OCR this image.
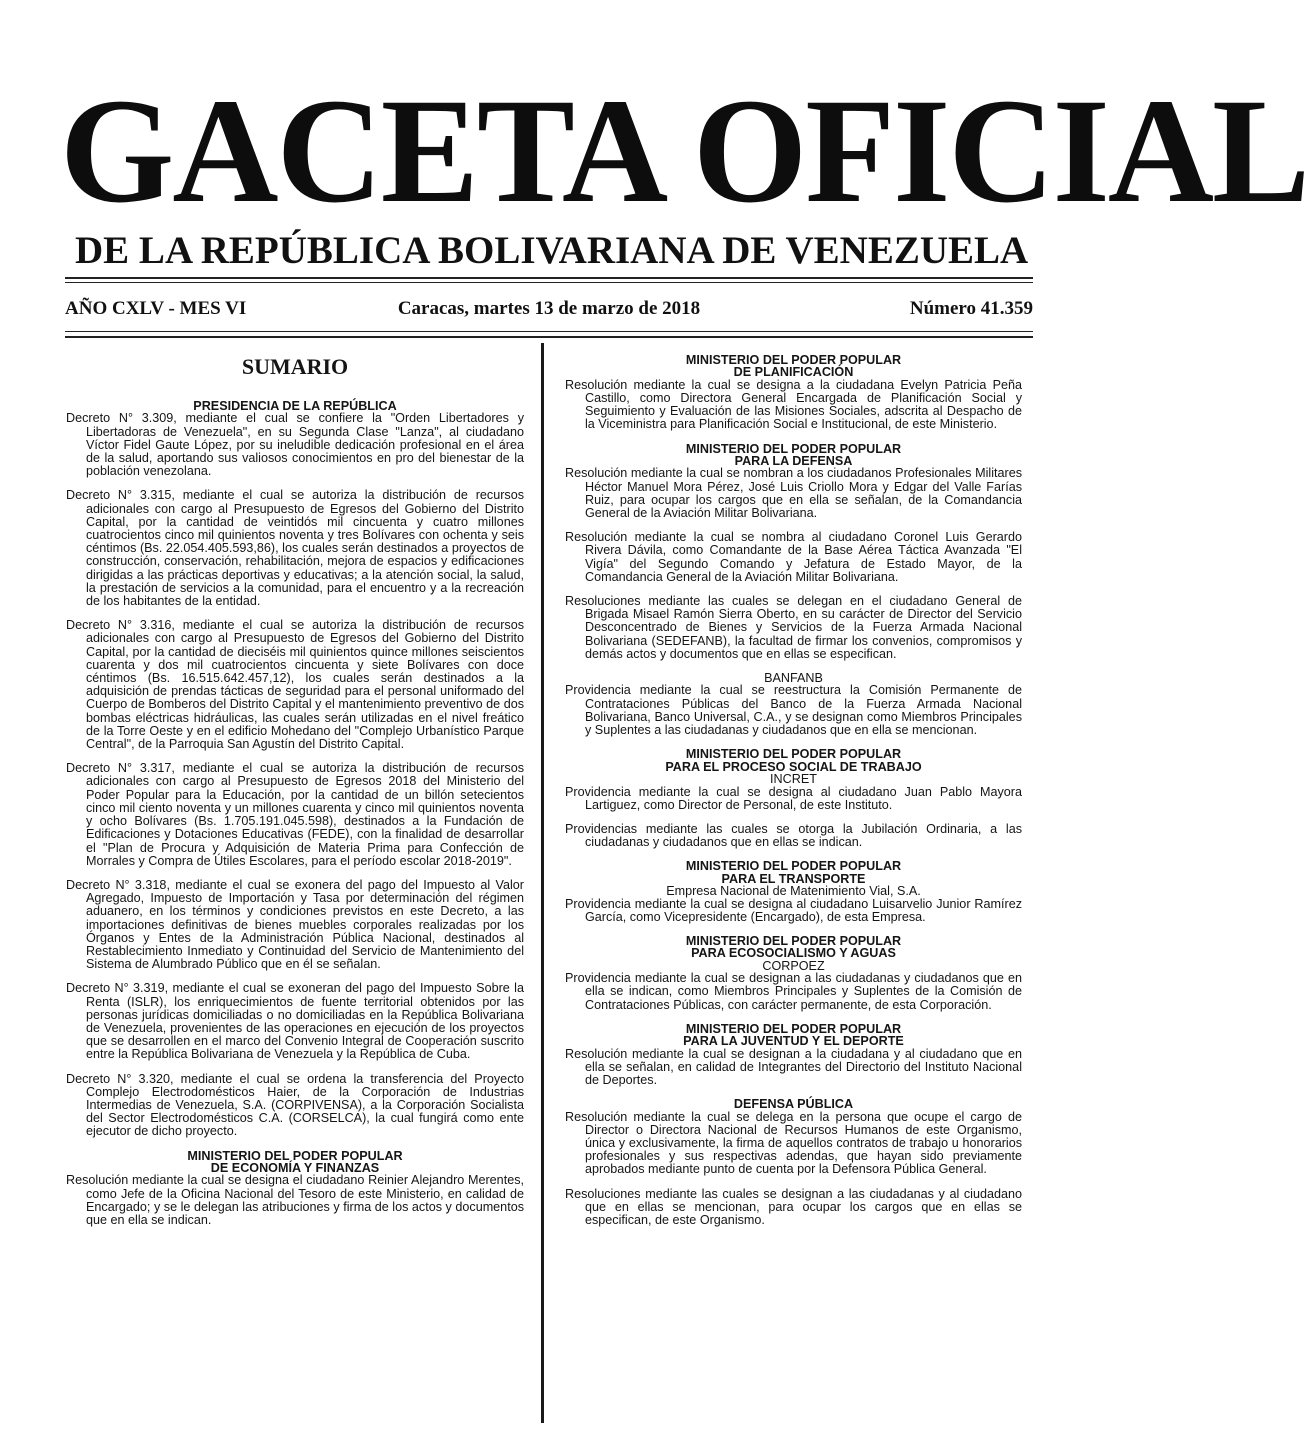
GACETA OFICIAL
DE LA REPÚBLICA BOLIVARIANA DE VENEZUELA
AÑO CXLV - MES VI	Caracas, martes 13 de marzo de 2018	Número 41.359
SUMARIO

PRESIDENCIA DE LA REPÚBLICA

Decreto N° 3.309, mediante el cual se confiere la "Orden Libertadores y Libertadoras de Venezuela", en su Segunda Clase "Lanza", al ciudadano Víctor Fidel Gaute López, por su ineludible dedicación profesional en el área de la salud, aportando sus valiosos conocimientos en pro del bienestar de la población venezolana.

Decreto N° 3.315, mediante el cual se autoriza la distribución de recursos adicionales con cargo al Presupuesto de Egresos del Gobierno del Distrito Capital, por la cantidad de veintidós mil cincuenta y cuatro millones cuatrocientos cinco mil quinientos noventa y tres Bolívares con ochenta y seis céntimos (Bs. 22.054.405.593,86), los cuales serán destinados a proyectos de construcción, conservación, rehabilitación, mejora de espacios y edificaciones dirigidas a las prácticas deportivas y educativas; a la atención social, la salud, la prestación de servicios a la comunidad, para el encuentro y a la recreación de los habitantes de la entidad.

Decreto N° 3.316, mediante el cual se autoriza la distribución de recursos adicionales con cargo al Presupuesto de Egresos del Gobierno del Distrito Capital, por la cantidad de dieciséis mil quinientos quince millones seiscientos cuarenta y dos mil cuatrocientos cincuenta y siete Bolívares con doce céntimos (Bs. 16.515.642.457,12), los cuales serán destinados a la adquisición de prendas tácticas de seguridad para el personal uniformado del Cuerpo de Bomberos del Distrito Capital y el mantenimiento preventivo de dos bombas eléctricas hidráulicas, las cuales serán utilizadas en el nivel freático de la Torre Oeste y en el edificio Mohedano del "Complejo Urbanístico Parque Central", de la Parroquia San Agustín del Distrito Capital.

Decreto N° 3.317, mediante el cual se autoriza la distribución de recursos adicionales con cargo al Presupuesto de Egresos 2018 del Ministerio del Poder Popular para la Educación, por la cantidad de un billón setecientos cinco mil ciento noventa y un millones cuarenta y cinco mil quinientos noventa y ocho Bolívares (Bs. 1.705.191.045.598), destinados a la Fundación de Edificaciones y Dotaciones Educativas (FEDE), con la finalidad de desarrollar el "Plan de Procura y Adquisición de Materia Prima para Confección de Morrales y Compra de Útiles Escolares, para el período escolar 2018-2019".

Decreto N° 3.318, mediante el cual se exonera del pago del Impuesto al Valor Agregado, Impuesto de Importación y Tasa por determinación del régimen aduanero, en los términos y condiciones previstos en este Decreto, a las importaciones definitivas de bienes muebles corporales realizadas por los Órganos y Entes de la Administración Pública Nacional, destinados al Restablecimiento Inmediato y Continuidad del Servicio de Mantenimiento del Sistema de Alumbrado Público que en él se señalan.

Decreto N° 3.319, mediante el cual se exoneran del pago del Impuesto Sobre la Renta (ISLR), los enriquecimientos de fuente territorial obtenidos por las personas jurídicas domiciliadas o no domiciliadas en la República Bolivariana de Venezuela, provenientes de las operaciones en ejecución de los proyectos que se desarrollen en el marco del Convenio Integral de Cooperación suscrito entre la República Bolivariana de Venezuela y la República de Cuba.

Decreto N° 3.320, mediante el cual se ordena la transferencia del Proyecto Complejo Electrodomésticos Haier, de la Corporación de Industrias Intermedias de Venezuela, S.A. (CORPIVENSA), a la Corporación Socialista del Sector Electrodomésticos C.A. (CORSELCA), la cual fungirá como ente ejecutor de dicho proyecto.

MINISTERIO DEL PODER POPULAR

DE ECONOMÍA Y FINANZAS

Resolución mediante la cual se designa el ciudadano Reinier Alejandro Merentes, como Jefe de la Oficina Nacional del Tesoro de este Ministerio, en calidad de Encargado; y se le delegan las atribuciones y firma de los actos y documentos que en ella se indican.

MINISTERIO DEL PODER POPULAR

DE PLANIFICACIÓN

Resolución mediante la cual se designa a la ciudadana Evelyn Patricia Peña Castillo, como Directora General Encargada de Planificación Social y Seguimiento y Evaluación de las Misiones Sociales, adscrita al Despacho de la Viceministra para Planificación Social e Institucional, de este Ministerio.

MINISTERIO DEL PODER POPULAR

PARA LA DEFENSA

Resolución mediante la cual se nombran a los ciudadanos Profesionales Militares Héctor Manuel Mora Pérez, José Luis Criollo Mora y Edgar del Valle Farías Ruiz, para ocupar los cargos que en ella se señalan, de la Comandancia General de la Aviación Militar Bolivariana.

Resolución mediante la cual se nombra al ciudadano Coronel Luis Gerardo Rivera Dávila, como Comandante de la Base Aérea Táctica Avanzada "El Vigía" del Segundo Comando y Jefatura de Estado Mayor, de la Comandancia General de la Aviación Militar Bolivariana.

Resoluciones mediante las cuales se delegan en el ciudadano General de Brigada Misael Ramón Sierra Oberto, en su carácter de Director del Servicio Desconcentrado de Bienes y Servicios de la Fuerza Armada Nacional Bolivariana (SEDEFANB), la facultad de firmar los convenios, compromisos y demás actos y documentos que en ellas se especifican.

BANFANB

Providencia mediante la cual se reestructura la Comisión Permanente de Contrataciones Públicas del Banco de la Fuerza Armada Nacional Bolivariana, Banco Universal, C.A., y se designan como Miembros Principales y Suplentes a las ciudadanas y ciudadanos que en ella se mencionan.

MINISTERIO DEL PODER POPULAR

PARA EL PROCESO SOCIAL DE TRABAJO

INCRET

Providencia mediante la cual se designa al ciudadano Juan Pablo Mayora Lartiguez, como Director de Personal, de este Instituto.

Providencias mediante las cuales se otorga la Jubilación Ordinaria, a las ciudadanas y ciudadanos que en ellas se indican.

MINISTERIO DEL PODER POPULAR

PARA EL TRANSPORTE

Empresa Nacional de Matenimiento Vial, S.A.

Providencia mediante la cual se designa al ciudadano Luisarvelio Junior Ramírez García, como Vicepresidente (Encargado), de esta Empresa.

MINISTERIO DEL PODER POPULAR

PARA ECOSOCIALISMO Y AGUAS

CORPOEZ

Providencia mediante la cual se designan a las ciudadanas y ciudadanos que en ella se indican, como Miembros Principales y Suplentes de la Comisión de Contrataciones Públicas, con carácter permanente, de esta Corporación.

MINISTERIO DEL PODER POPULAR

PARA LA JUVENTUD Y EL DEPORTE

Resolución mediante la cual se designan a la ciudadana y al ciudadano que en ella se señalan, en calidad de Integrantes del Directorio del Instituto Nacional de Deportes.

DEFENSA PÚBLICA

Resolución mediante la cual se delega en la persona que ocupe el cargo de Director o Directora Nacional de Recursos Humanos de este Organismo, única y exclusivamente, la firma de aquellos contratos de trabajo u honorarios profesionales y sus respectivas adendas, que hayan sido previamente aprobados mediante punto de cuenta por la Defensora Pública General.

Resoluciones mediante las cuales se designan a las ciudadanas y al ciudadano que en ellas se mencionan, para ocupar los cargos que en ellas se especifican, de este Organismo.
